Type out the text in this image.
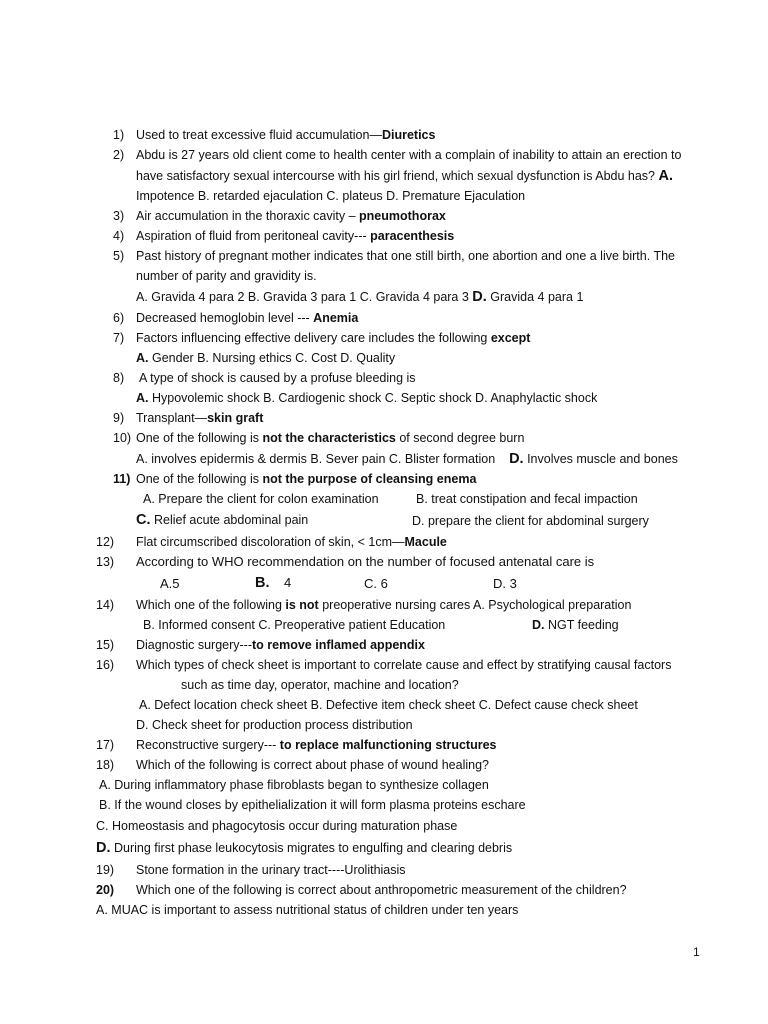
1) Used to treat excessive fluid accumulation—Diuretics
2) Abdu is 27 years old client come to health center with a complain of inability to attain an erection to
have satisfactory sexual intercourse with his girl friend, which sexual dysfunction is Abdu has? A.
Impotence B. retarded ejaculation C. plateus D. Premature Ejaculation
3) Air accumulation in the thoraxic cavity – pneumothorax
4) Aspiration of fluid from peritoneal cavity--- paracenthesis
5) Past history of pregnant mother indicates that one still birth, one abortion and one a live birth. The
number of parity and gravidity is.
A. Gravida 4 para 2 B. Gravida 3 para 1 C. Gravida 4 para 3 D. Gravida 4 para 1
6) Decreased hemoglobin level --- Anemia
7) Factors influencing effective delivery care includes the following except
A. Gender B. Nursing ethics C. Cost D. Quality
8) A type of shock is caused by a profuse bleeding is
A. Hypovolemic shock B. Cardiogenic shock C. Septic shock D. Anaphylactic shock
9) Transplant—skin graft
10) One of the following is not the characteristics of second degree burn
A. involves epidermis & dermis B. Sever pain C. Blister formation D. Involves muscle and bones
11) One of the following is not the purpose of cleansing enema
A. Prepare the client for colon examination	B. treat constipation and fecal impaction
C. Relief acute abdominal pain	D. prepare the client for abdominal surgery
12) Flat circumscribed discoloration of skin, < 1cm—Macule
13) According to WHO recommendation on the number of focused antenatal care is
A.5	B. 4	C. 6	D. 3
14) Which one of the following is not preoperative nursing cares A. Psychological preparation
B. Informed consent C. Preoperative patient Education	D. NGT feeding
15) Diagnostic surgery---to remove inflamed appendix
16) Which types of check sheet is important to correlate cause and effect by stratifying causal factors
such as time day, operator, machine and location?
A. Defect location check sheet B. Defective item check sheet C. Defect cause check sheet
D. Check sheet for production process distribution
17) Reconstructive surgery--- to replace malfunctioning structures
18) Which of the following is correct about phase of wound healing?
A. During inflammatory phase fibroblasts began to synthesize collagen
B. If the wound closes by epithelialization it will form plasma proteins eschare
C. Homeostasis and phagocytosis occur during maturation phase
D. During first phase leukocytosis migrates to engulfing and clearing debris
19) Stone formation in the urinary tract----Urolithiasis
20) Which one of the following is correct about anthropometric measurement of the children?
A. MUAC is important to assess nutritional status of children under ten years
1
